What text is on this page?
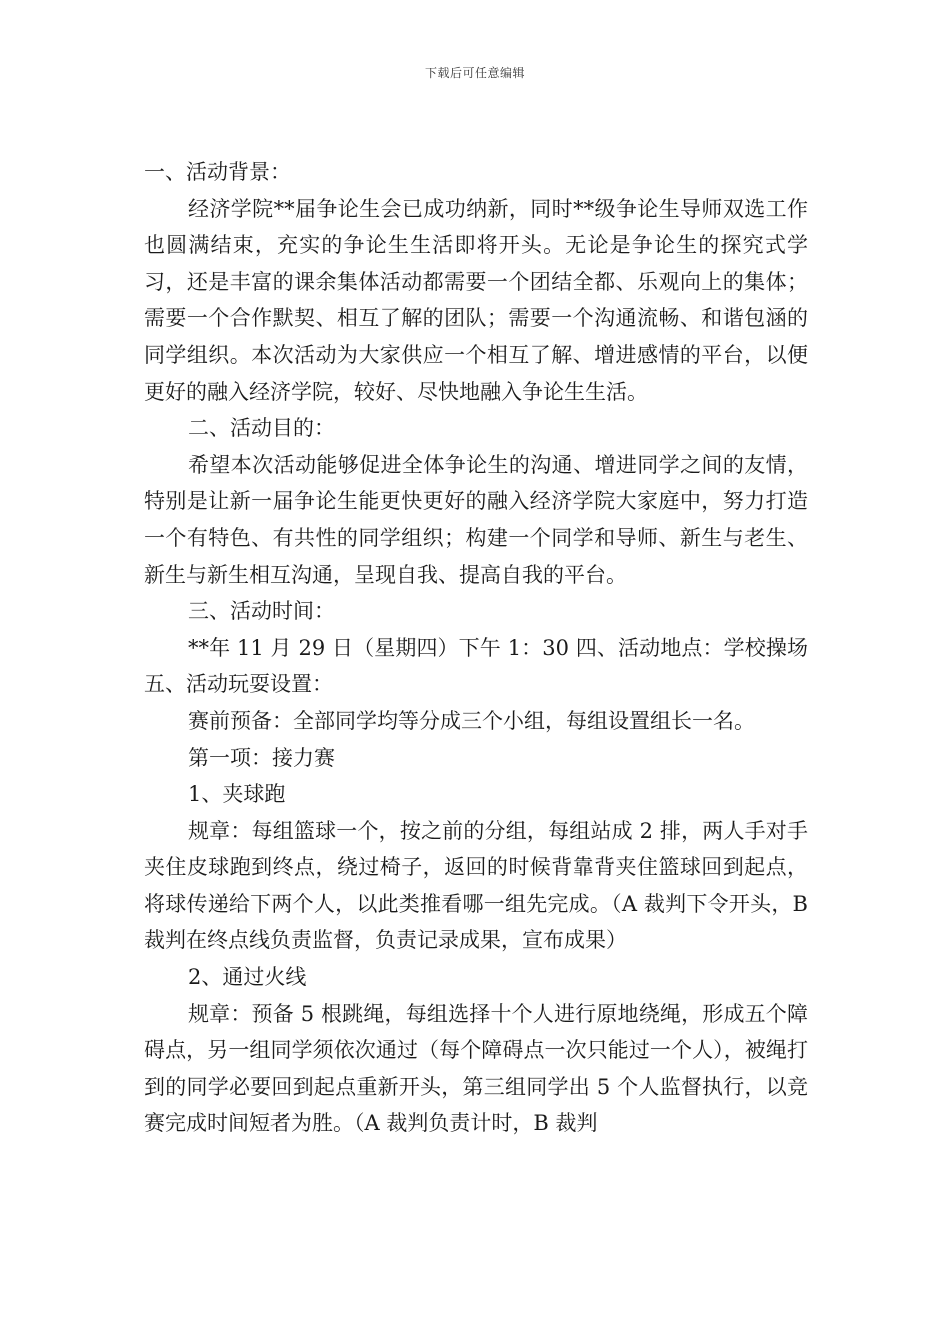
下载后可任意编辑

一、活动背景：

经济学院**届争论生会已成功纳新，同时**级争论生导师双选工作也圆满结束，充实的争论生生活即将开头。无论是争论生的探究式学习，还是丰富的课余集体活动都需要一个团结全都、乐观向上的集体；需要一个合作默契、相互了解的团队；需要一个沟通流畅、和谐包涵的同学组织。本次活动为大家供应一个相互了解、增进感情的平台，以便更好的融入经济学院，较好、尽快地融入争论生生活。

二、活动目的：

希望本次活动能够促进全体争论生的沟通、增进同学之间的友情，特别是让新一届争论生能更快更好的融入经济学院大家庭中，努力打造一个有特色、有共性的同学组织；构建一个同学和导师、新生与老生、新生与新生相互沟通，呈现自我、提高自我的平台。

三、活动时间：

**年 11 月 29 日（星期四）下午 1：30 四、活动地点：学校操场五、活动玩耍设置：

赛前预备：全部同学均等分成三个小组，每组设置组长一名。

第一项：接力赛

1、夹球跑

规章：每组篮球一个，按之前的分组，每组站成 2 排，两人手对手夹住皮球跑到终点，绕过椅子，返回的时候背靠背夹住篮球回到起点，将球传递给下两个人，以此类推看哪一组先完成。（A 裁判下令开头，B 裁判在终点线负责监督，负责记录成果，宣布成果）

2、通过火线

规章：预备 5 根跳绳，每组选择十个人进行原地绕绳，形成五个障碍点，另一组同学须依次通过（每个障碍点一次只能过一个人），被绳打到的同学必要回到起点重新开头，第三组同学出 5 个人监督执行，以竞赛完成时间短者为胜。（A 裁判负责计时，B 裁判
